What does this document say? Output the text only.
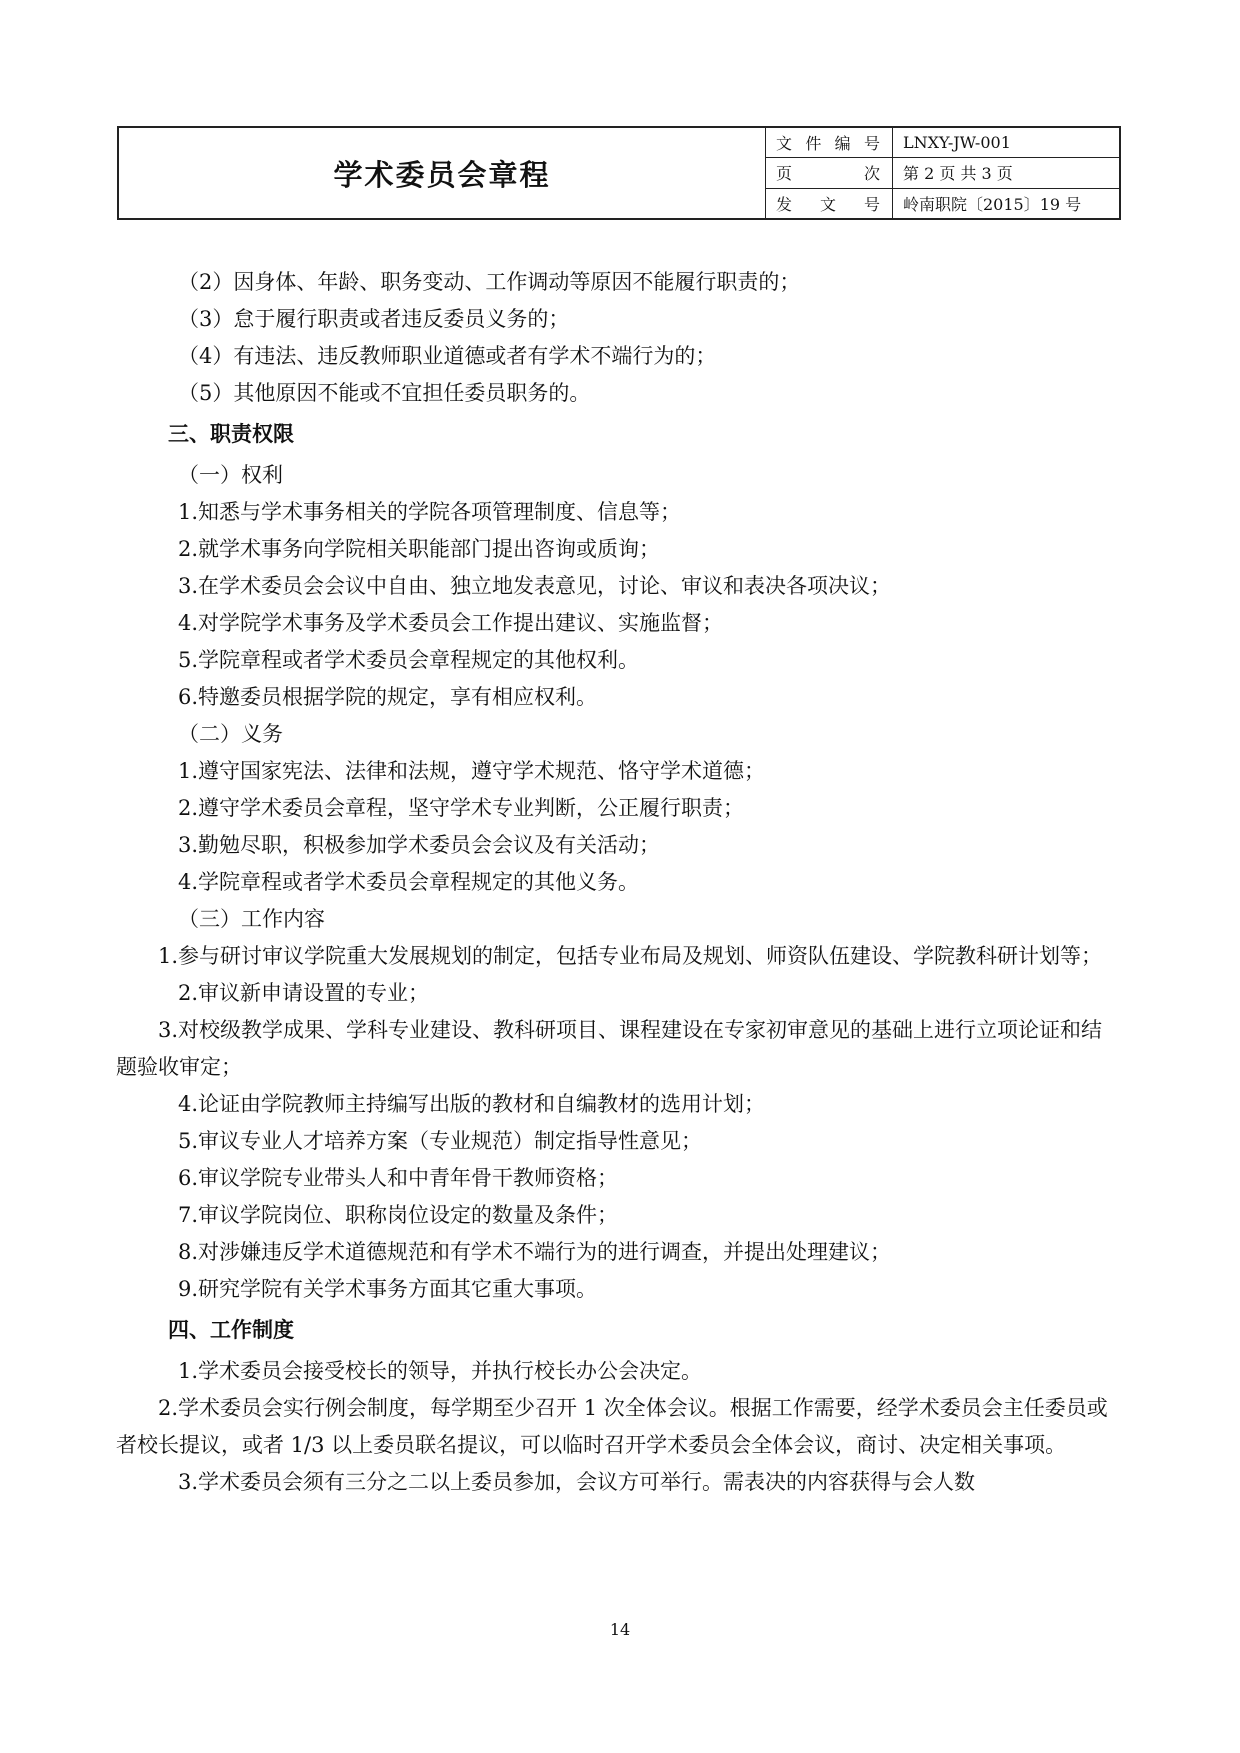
学术委员会章程
文 件 编 号	LNXY-JW-001
页	次	第 2 页 共 3 页
发 文 号	岭南职院〔2015〕19 号

（2）因身体、年龄、职务变动、工作调动等原因不能履行职责的；

（3）怠于履行职责或者违反委员义务的；

（4）有违法、违反教师职业道德或者有学术不端行为的；

（5）其他原因不能或不宜担任委员职务的。

三、职责权限

（一）权利

1.知悉与学术事务相关的学院各项管理制度、信息等；

2.就学术事务向学院相关职能部门提出咨询或质询；

3.在学术委员会会议中自由、独立地发表意见，讨论、审议和表决各项决议；

4.对学院学术事务及学术委员会工作提出建议、实施监督；

5.学院章程或者学术委员会章程规定的其他权利。

6.特邀委员根据学院的规定，享有相应权利。

（二）义务

1.遵守国家宪法、法律和法规，遵守学术规范、恪守学术道德；

2.遵守学术委员会章程，坚守学术专业判断，公正履行职责；

3.勤勉尽职，积极参加学术委员会会议及有关活动；

4.学院章程或者学术委员会章程规定的其他义务。

（三）工作内容

1.参与研讨审议学院重大发展规划的制定，包括专业布局及规划、师资队伍建设、学院教科研计划等；

2.审议新申请设置的专业；

3.对校级教学成果、学科专业建设、教科研项目、课程建设在专家初审意见的基础上进行立项论证和结题验收审定；

4.论证由学院教师主持编写出版的教材和自编教材的选用计划；

5.审议专业人才培养方案（专业规范）制定指导性意见；

6.审议学院专业带头人和中青年骨干教师资格；

7.审议学院岗位、职称岗位设定的数量及条件；

8.对涉嫌违反学术道德规范和有学术不端行为的进行调查，并提出处理建议；

9.研究学院有关学术事务方面其它重大事项。

四、工作制度

1.学术委员会接受校长的领导，并执行校长办公会决定。

2.学术委员会实行例会制度，每学期至少召开 1 次全体会议。根据工作需要，经学术委员会主任委员或者校长提议，或者 1/3 以上委员联名提议，可以临时召开学术委员会全体会议，商讨、决定相关事项。

3.学术委员会须有三分之二以上委员参加，会议方可举行。需表决的内容获得与会人数

14
